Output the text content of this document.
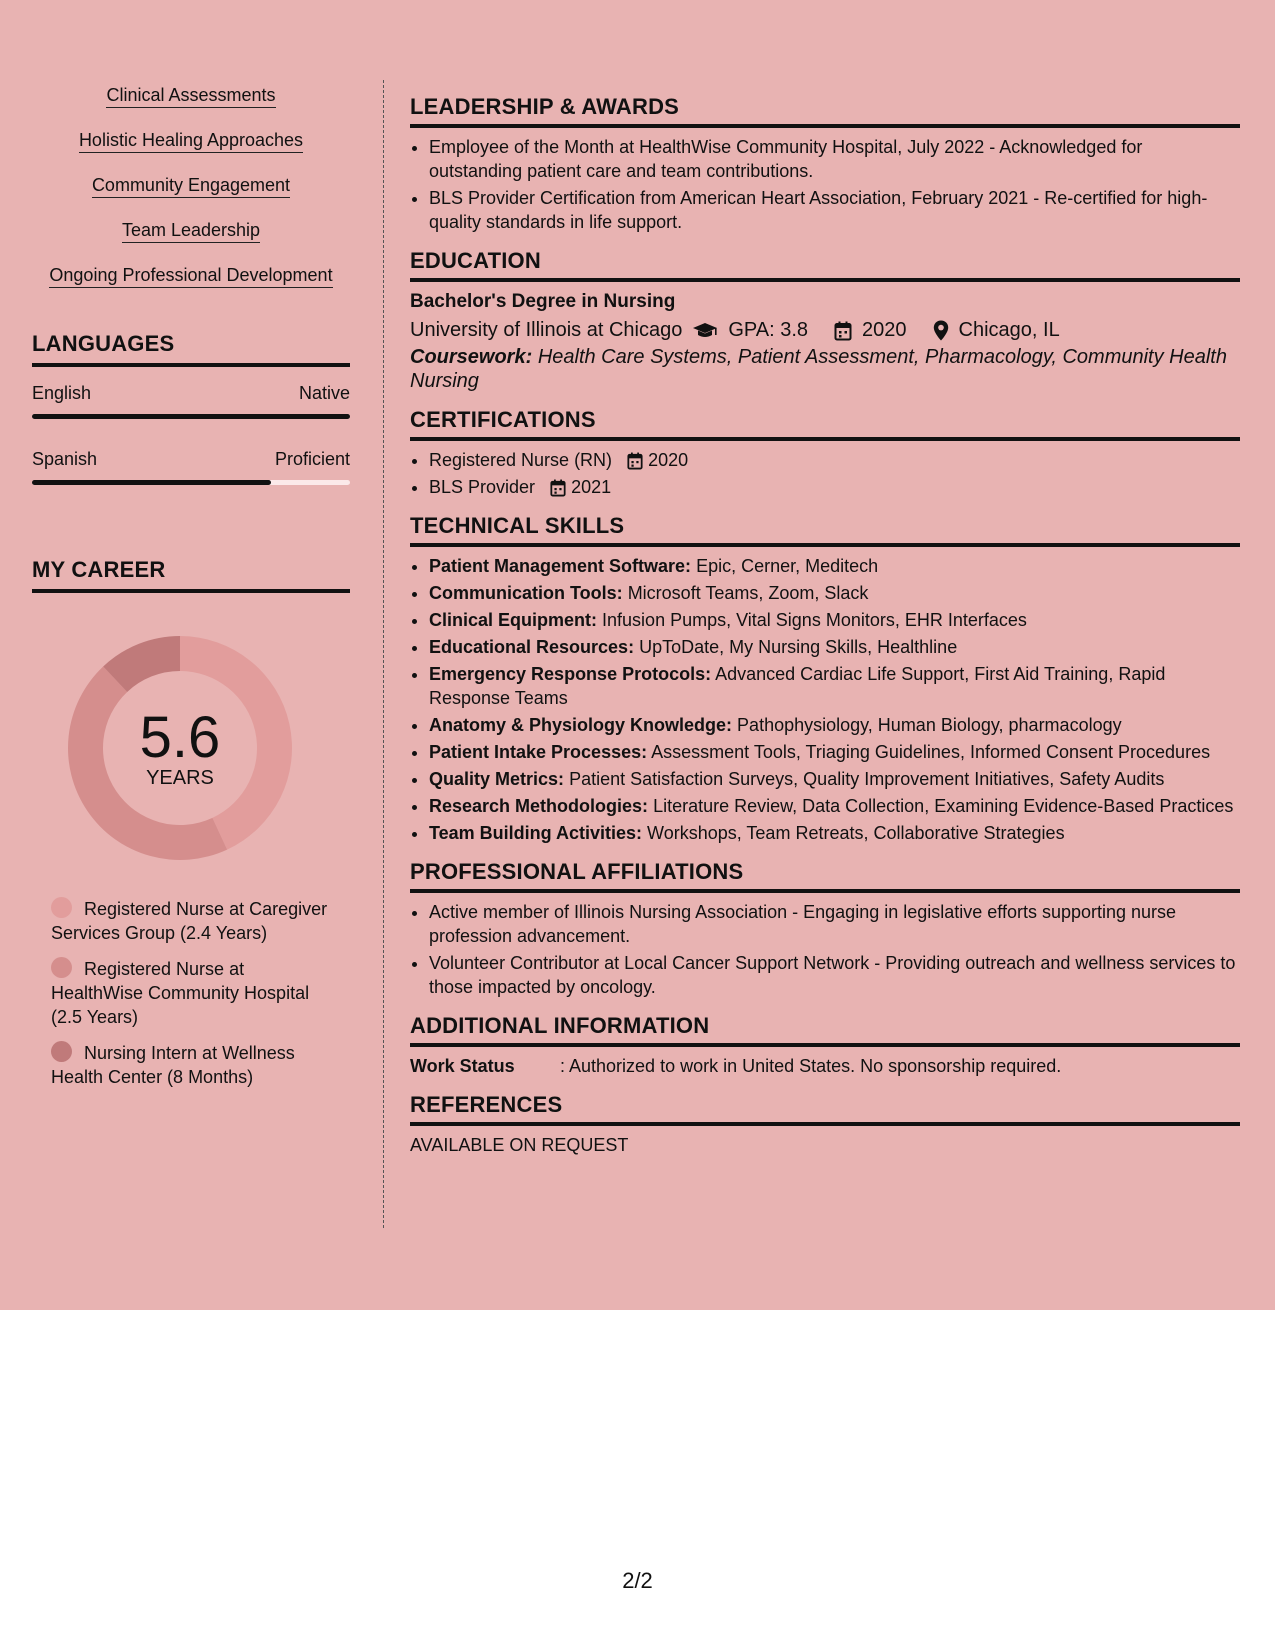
Clinical Assessments
Holistic Healing Approaches
Community Engagement
Team Leadership
Ongoing Professional Development
LANGUAGES
English	Native
Spanish	Proficient
MY CAREER
5.6
YEARS
Registered Nurse at Caregiver Services Group (2.4 Years)
Registered Nurse at HealthWise Community Hospital (2.5 Years)
Nursing Intern at Wellness Health Center (8 Months)
LEADERSHIP & AWARDS
• Employee of the Month at HealthWise Community Hospital, July 2022 - Acknowledged for outstanding patient care and team contributions.
• BLS Provider Certification from American Heart Association, February 2021 - Re-certified for high-quality standards in life support.
EDUCATION
Bachelor's Degree in Nursing
University of Illinois at Chicago GPA: 3.8	2020	Chicago, IL
Coursework: Health Care Systems, Patient Assessment, Pharmacology, Community Health Nursing
CERTIFICATIONS
• Registered Nurse (RN) 2020
• BLS Provider 2021
TECHNICAL SKILLS
• Patient Management Software: Epic, Cerner, Meditech
• Communication Tools: Microsoft Teams, Zoom, Slack
• Clinical Equipment: Infusion Pumps, Vital Signs Monitors, EHR Interfaces
• Educational Resources: UpToDate, My Nursing Skills, Healthline
• Emergency Response Protocols: Advanced Cardiac Life Support, First Aid Training, Rapid Response Teams
• Anatomy & Physiology Knowledge: Pathophysiology, Human Biology, pharmacology
• Patient Intake Processes: Assessment Tools, Triaging Guidelines, Informed Consent Procedures
• Quality Metrics: Patient Satisfaction Surveys, Quality Improvement Initiatives, Safety Audits
• Research Methodologies: Literature Review, Data Collection, Examining Evidence-Based Practices
• Team Building Activities: Workshops, Team Retreats, Collaborative Strategies
PROFESSIONAL AFFILIATIONS
• Active member of Illinois Nursing Association - Engaging in legislative efforts supporting nurse profession advancement.
• Volunteer Contributor at Local Cancer Support Network - Providing outreach and wellness services to those impacted by oncology.
ADDITIONAL INFORMATION
Work Status	: Authorized to work in United States. No sponsorship required.
REFERENCES
AVAILABLE ON REQUEST
2/2
